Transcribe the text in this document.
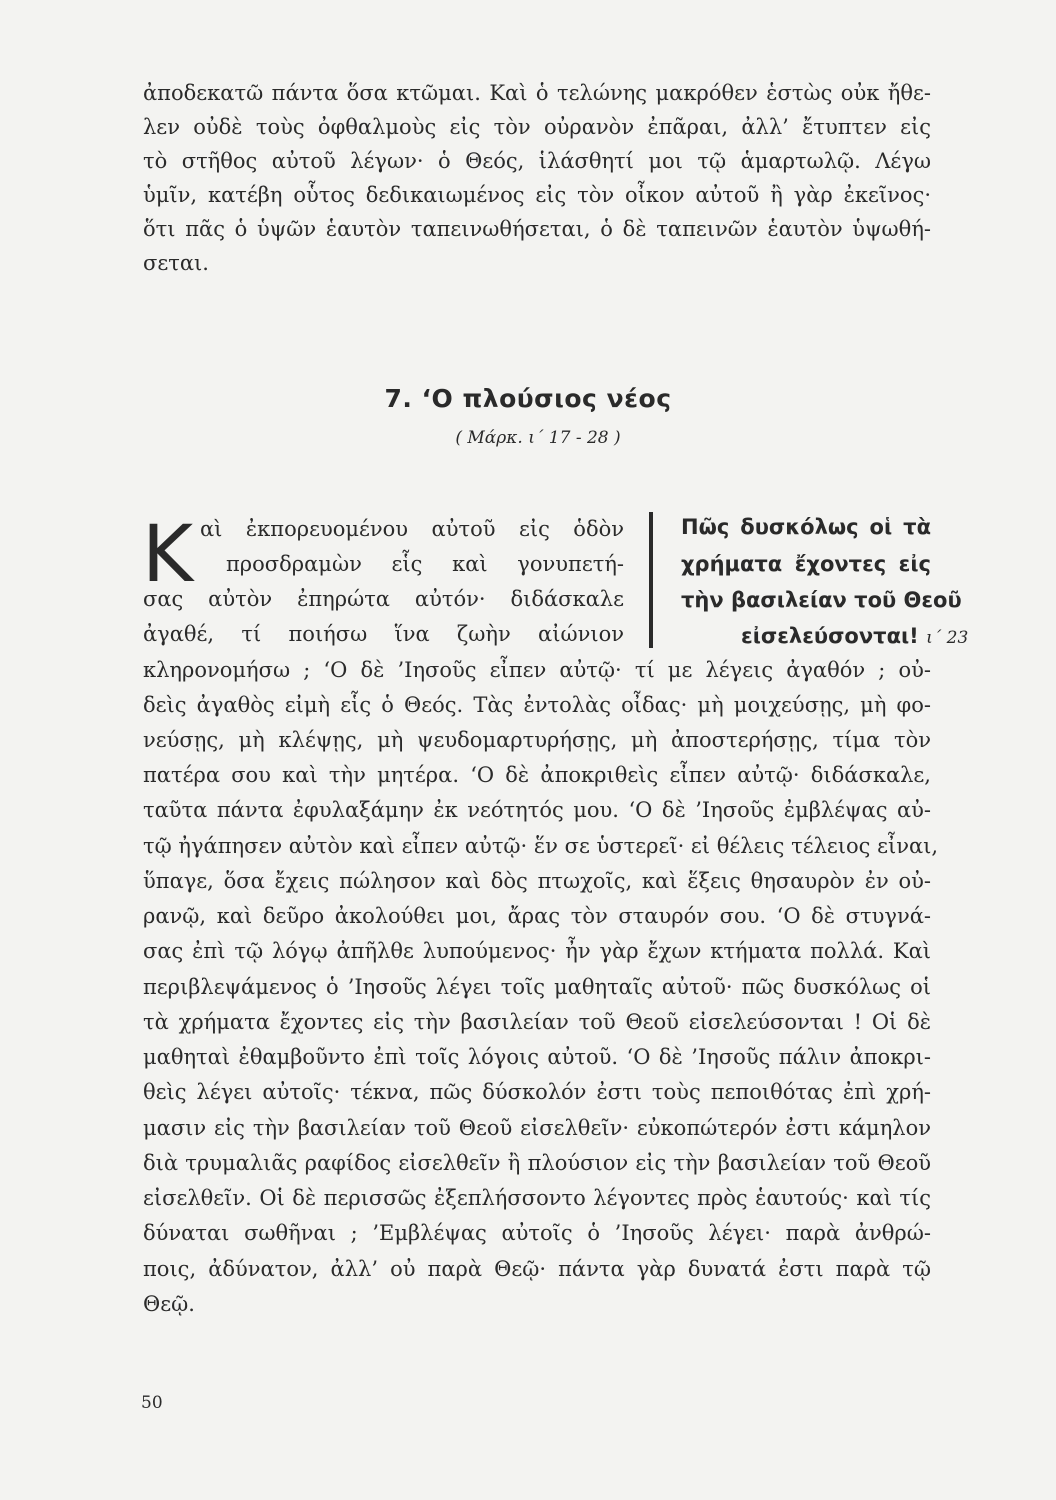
ἀποδεκατῶ πάντα ὅσα κτῶμαι. Καὶ ὁ τελώνης μακρόθεν ἑστὼς οὐκ ἤθε-
λεν οὐδὲ τοὺς ὀφθαλμοὺς εἰς τὸν οὐρανὸν ἐπᾶραι, ἀλλ’ ἔτυπτεν εἰς
τὸ στῆθος αὐτοῦ λέγων· ὁ Θεός, ἱλάσθητί μοι τῷ ἁμαρτωλῷ. Λέγω
ὑμῖν, κατέβη οὗτος δεδικαιωμένος εἰς τὸν οἶκον αὐτοῦ ἢ γὰρ ἐκεῖνος·
ὅτι πᾶς ὁ ὑψῶν ἑαυτὸν ταπεινωθήσεται, ὁ δὲ ταπεινῶν ἑαυτὸν ὑψωθή-
σεται.
7. ‘Ο πλούσιος νέος
( Μάρκ. ι΄ 17 - 28 )
Κ αὶ ἐκπορευομένου αὐτοῦ εἰς ὁδὸν
προσδραμὼν εἷς καὶ γονυπετή-
σας αὐτὸν ἐπηρώτα αὐτόν· διδάσκαλε
ἀγαθέ, τί ποιήσω ἵνα ζωὴν αἰώνιον
Πῶς δυσκόλως οἱ τὰ
χρήματα ἔχοντες εἰς
τὴν βασιλείαν τοῦ Θεοῦ
εἰσελεύσονται! ι΄ 23
κληρονομήσω ; ‘Ο δὲ ’Ιησοῦς εἶπεν αὐτῷ· τί με λέγεις ἀγαθόν ; οὐ-
δεὶς ἀγαθὸς εἰμὴ εἷς ὁ Θεός. Τὰς ἐντολὰς οἶδας· μὴ μοιχεύσῃς, μὴ φο-
νεύσῃς, μὴ κλέψῃς, μὴ ψευδομαρτυρήσῃς, μὴ ἀποστερήσῃς, τίμα τὸν
πατέρα σου καὶ τὴν μητέρα. ‘Ο δὲ ἀποκριθεὶς εἶπεν αὐτῷ· διδάσκαλε,
ταῦτα πάντα ἐφυλαξάμην ἐκ νεότητός μου. ‘Ο δὲ ’Ιησοῦς ἐμβλέψας αὐ-
τῷ ἠγάπησεν αὐτὸν καὶ εἶπεν αὐτῷ· ἕν σε ὑστερεῖ· εἰ θέλεις τέλειος εἶναι,
ὕπαγε, ὅσα ἔχεις πώλησον καὶ δὸς πτωχοῖς, καὶ ἕξεις θησαυρὸν ἐν οὐ-
ρανῷ, καὶ δεῦρο ἀκολούθει μοι, ἄρας τὸν σταυρόν σου. ‘Ο δὲ στυγνά-
σας ἐπὶ τῷ λόγῳ ἀπῆλθε λυπούμενος· ἦν γὰρ ἔχων κτήματα πολλά. Καὶ
περιβλεψάμενος ὁ ’Ιησοῦς λέγει τοῖς μαθηταῖς αὐτοῦ· πῶς δυσκόλως οἱ
τὰ χρήματα ἔχοντες εἰς τὴν βασιλείαν τοῦ Θεοῦ εἰσελεύσονται ! Οἱ δὲ
μαθηταὶ ἐθαμβοῦντο ἐπὶ τοῖς λόγοις αὐτοῦ. ‘Ο δὲ ’Ιησοῦς πάλιν ἀποκρι-
θεὶς λέγει αὐτοῖς· τέκνα, πῶς δύσκολόν ἐστι τοὺς πεποιθότας ἐπὶ χρή-
μασιν εἰς τὴν βασιλείαν τοῦ Θεοῦ εἰσελθεῖν· εὐκοπώτερόν ἐστι κάμηλον
διὰ τρυμαλιᾶς ραφίδος εἰσελθεῖν ἢ πλούσιον εἰς τὴν βασιλείαν τοῦ Θεοῦ
εἰσελθεῖν. Οἱ δὲ περισσῶς ἐξεπλήσσοντο λέγοντες πρὸς ἑαυτούς· καὶ τίς
δύναται σωθῆναι ; ’Εμβλέψας αὐτοῖς ὁ ’Ιησοῦς λέγει· παρὰ ἀνθρώ-
ποις, ἀδύνατον, ἀλλ’ οὐ παρὰ Θεῷ· πάντα γὰρ δυνατά ἐστι παρὰ τῷ
Θεῷ.
50
